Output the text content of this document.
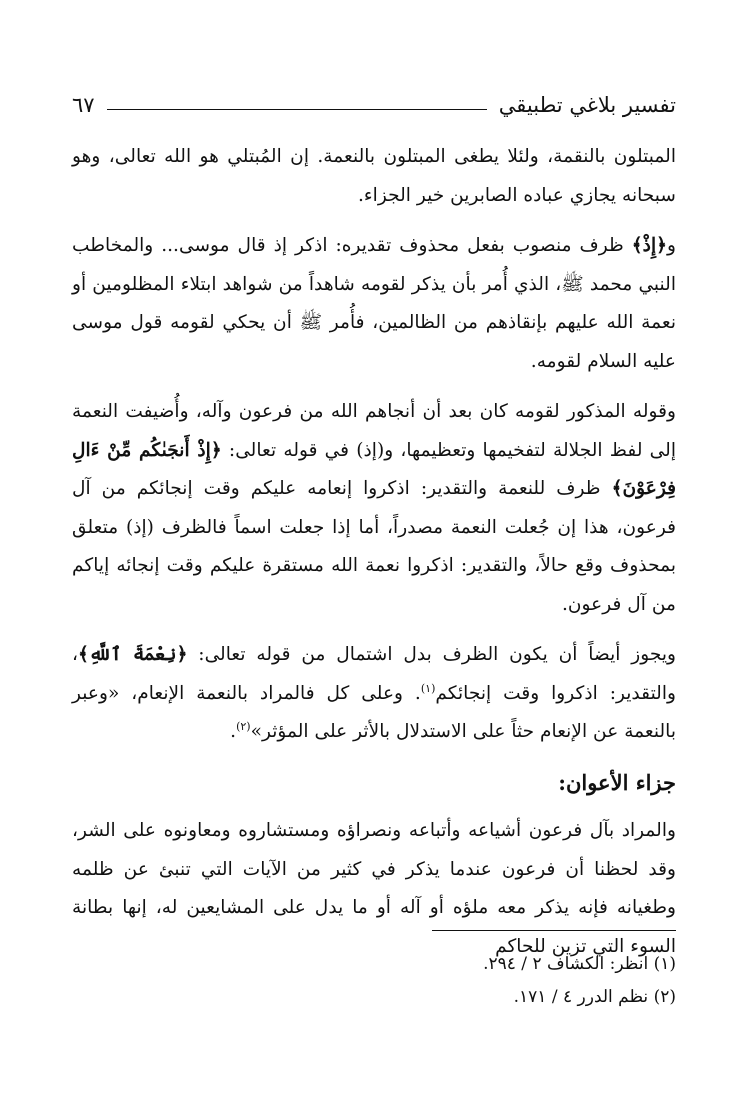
تفسير بلاغي تطبيقي
٦٧

المبتلون بالنقمة، ولئلا يطغى المبتلون بالنعمة. إن المُبتلي هو الله تعالى، وهو سبحانه يجازي عباده الصابرين خير الجزاء.

و﴿إِذْ﴾ ظرف منصوب بفعل محذوف تقديره: اذكر إذ قال موسى... والمخاطب النبي محمد ﷺ، الذي أُمر بأن يذكر لقومه شاهداً من شواهد ابتلاء المظلومين أو نعمة الله عليهم بإنقاذهم من الظالمين، فأُمر ﷺ أن يحكي لقومه قول موسى عليه السلام لقومه.

وقوله المذكور لقومه كان بعد أن أنجاهم الله من فرعون وآله، وأُضيفت النعمة إلى لفظ الجلالة لتفخيمها وتعظيمها، و(إذ) في قوله تعالى: ﴿إِذْ أَنجَىٰكُم مِّنْ ءَالِ فِرْعَوْنَ﴾ ظرف للنعمة والتقدير: اذكروا إنعامه عليكم وقت إنجائكم من آل فرعون، هذا إن جُعلت النعمة مصدراً، أما إذا جعلت اسماً فالظرف (إذ) متعلق بمحذوف وقع حالاً، والتقدير: اذكروا نعمة الله مستقرة عليكم وقت إنجائه إياكم من آل فرعون.

ويجوز أيضاً أن يكون الظرف بدل اشتمال من قوله تعالى: ﴿نِعْمَةَ ٱللَّهِ﴾، والتقدير: اذكروا وقت إنجائكم$^{(١)}$. وعلى كل فالمراد بالنعمة الإنعام، «وعبر بالنعمة عن الإنعام حثاً على الاستدلال بالأثر على المؤثر»$^{(٢)}$.

جزاء الأعوان:

والمراد بآل فرعون أشياعه وأتباعه ونصراؤه ومستشاروه ومعاونوه على الشر، وقد لحظنا أن فرعون عندما يذكر في كثير من الآيات التي تنبئ عن ظلمه وطغيانه فإنه يذكر معه ملؤه أو آله أو ما يدل على المشايعين له، إنها بطانة السوء التي تزين للحاكم

(١) انظر: الكشاف ٢ / ٢٩٤.
(٢) نظم الدرر ٤ / ١٧١.
